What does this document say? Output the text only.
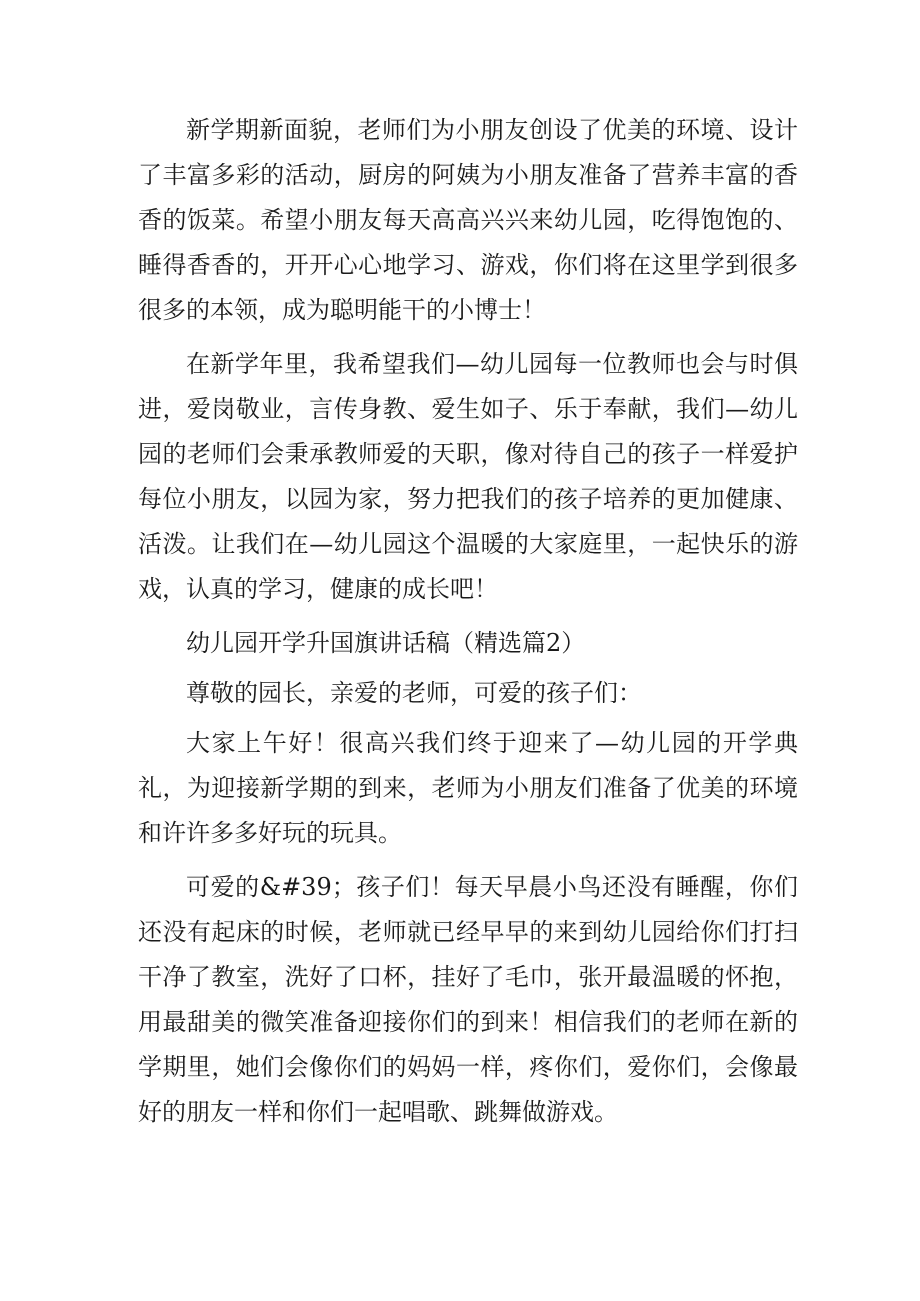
新学期新面貌，老师们为小朋友创设了优美的环境、设计了丰富多彩的活动，厨房的阿姨为小朋友准备了营养丰富的香香的饭菜。希望小朋友每天高高兴兴来幼儿园，吃得饱饱的、睡得香香的，开开心心地学习、游戏，你们将在这里学到很多很多的本领，成为聪明能干的小博士！

在新学年里，我希望我们—幼儿园每一位教师也会与时俱进，爱岗敬业，言传身教、爱生如子、乐于奉献，我们—幼儿园的老师们会秉承教师爱的天职，像对待自己的孩子一样爱护每位小朋友，以园为家，努力把我们的孩子培养的更加健康、活泼。让我们在—幼儿园这个温暖的大家庭里，一起快乐的游戏，认真的学习，健康的成长吧！

幼儿园开学升国旗讲话稿（精选篇2）

尊敬的园长，亲爱的老师，可爱的孩子们：

大家上午好！很高兴我们终于迎来了—幼儿园的开学典礼，为迎接新学期的到来，老师为小朋友们准备了优美的环境和许许多多好玩的玩具。

可爱的&#39；孩子们！每天早晨小鸟还没有睡醒，你们还没有起床的时候，老师就已经早早的来到幼儿园给你们打扫干净了教室，洗好了口杯，挂好了毛巾，张开最温暖的怀抱，用最甜美的微笑准备迎接你们的到来！相信我们的老师在新的学期里，她们会像你们的妈妈一样，疼你们，爱你们，会像最好的朋友一样和你们一起唱歌、跳舞做游戏。
